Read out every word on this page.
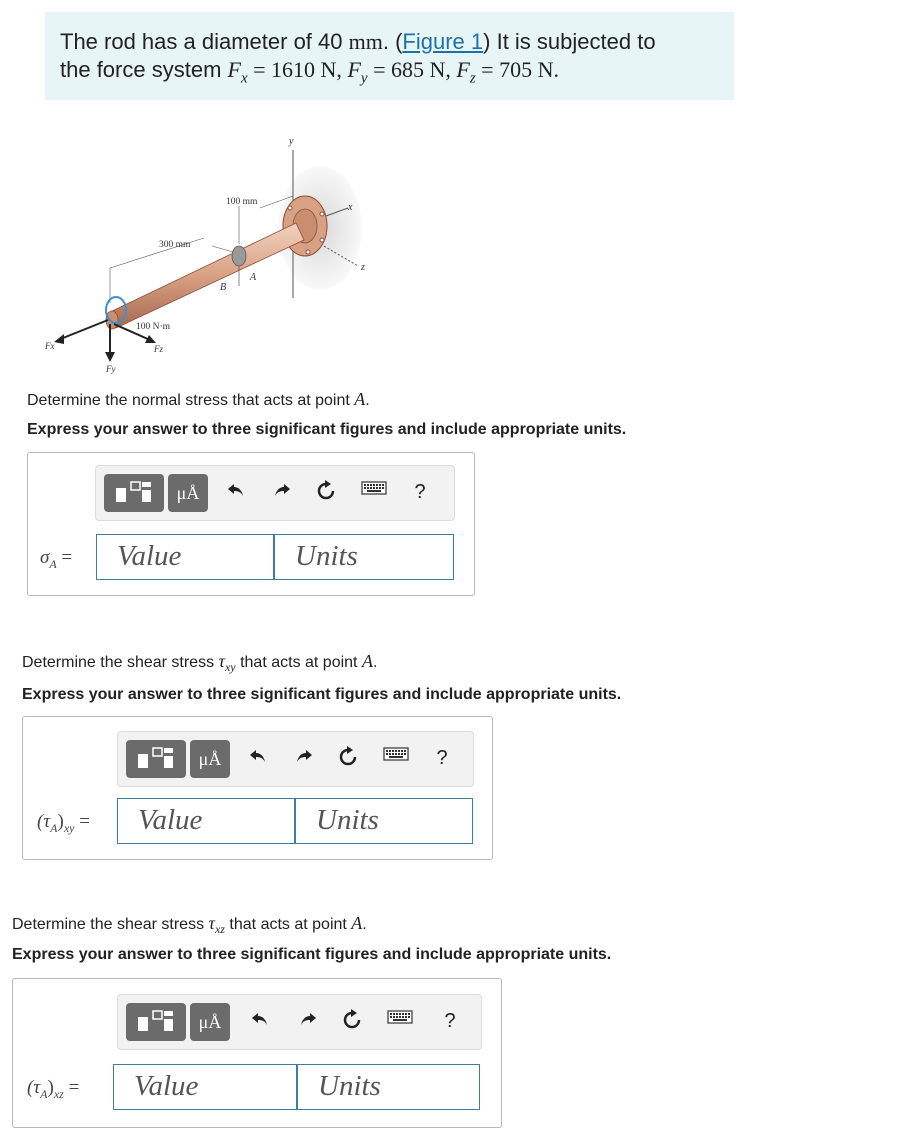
The rod has a diameter of 40 mm. (Figure 1) It is subjected to
the force system $F_x = 1610$ N, $F_y = 685$ N, $F_z = 705$ N.
y
x
z
B
A
100 mm
300 mm
100 N·m
Fx
Fy
Fz
Determine the normal stress that acts at point A.
Express your answer to three significant figures and include appropriate units.
μÅ	?
$\sigma_A$ =	Value	Units
Determine the shear stress $\tau_{xy}$ that acts at point A.
Express your answer to three significant figures and include appropriate units.
μÅ	?
$(\tau_A)_{xy}$ =	Value	Units
Determine the shear stress $\tau_{xz}$ that acts at point A.
Express your answer to three significant figures and include appropriate units.
μÅ	?
$(\tau_A)_{xz}$ =	Value	Units
